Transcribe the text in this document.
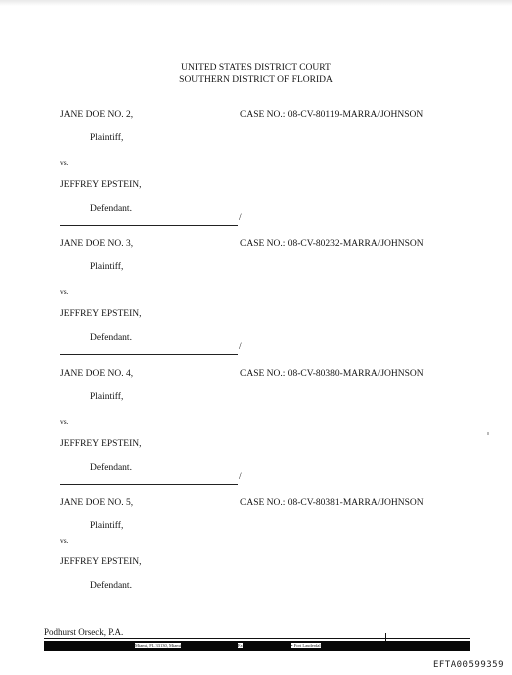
UNITED STATES DISTRICT COURT
SOUTHERN DISTRICT OF FLORIDA
JANE DOE NO. 2,	CASE NO.: 08-CV-80119-MARRA/JOHNSON
Plaintiff,
vs.
JEFFREY EPSTEIN,
Defendant.
/
JANE DOE NO. 3,	CASE NO.: 08-CV-80232-MARRA/JOHNSON
Plaintiff,
vs.
JEFFREY EPSTEIN,
Defendant.
/
JANE DOE NO. 4,	CASE NO.: 08-CV-80380-MARRA/JOHNSON
Plaintiff,
vs.
JEFFREY EPSTEIN,
Defendant.
/
JANE DOE NO. 5,	CASE NO.: 08-CV-80381-MARRA/JOHNSON
Plaintiff,
vs.
JEFFREY EPSTEIN,
Defendant.
Podhurst Orseck, P.A.
Miami, FL 33130, Miami	Fa	• Fort Lauderdal
EFTA00599359
